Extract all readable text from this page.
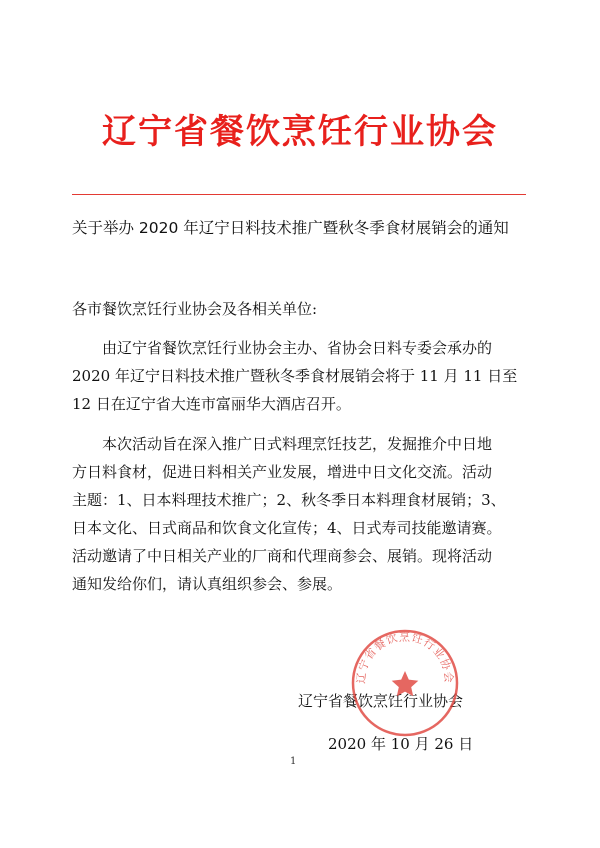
辽宁省餐饮烹饪行业协会
关于举办 2020 年辽宁日料技术推广暨秋冬季食材展销会的通知
各市餐饮烹饪行业协会及各相关单位:
由辽宁省餐饮烹饪行业协会主办、省协会日料专委会承办的
2020 年辽宁日料技术推广暨秋冬季食材展销会将于 11 月 11 日至
12 日在辽宁省大连市富丽华大酒店召开。
本次活动旨在深入推广日式料理烹饪技艺，发掘推介中日地
方日料食材，促进日料相关产业发展，增进中日文化交流。活动
主题：1、日本料理技术推广；2、秋冬季日本料理食材展销；3、
日本文化、日式商品和饮食文化宣传；4、日式寿司技能邀请赛。
活动邀请了中日相关产业的厂商和代理商参会、展销。现将活动
通知发给你们，请认真组织参会、参展。
辽宁省餐饮烹饪行业协会
2020 年 10 月 26 日
辽宁省餐饮烹饪行业协会
1
